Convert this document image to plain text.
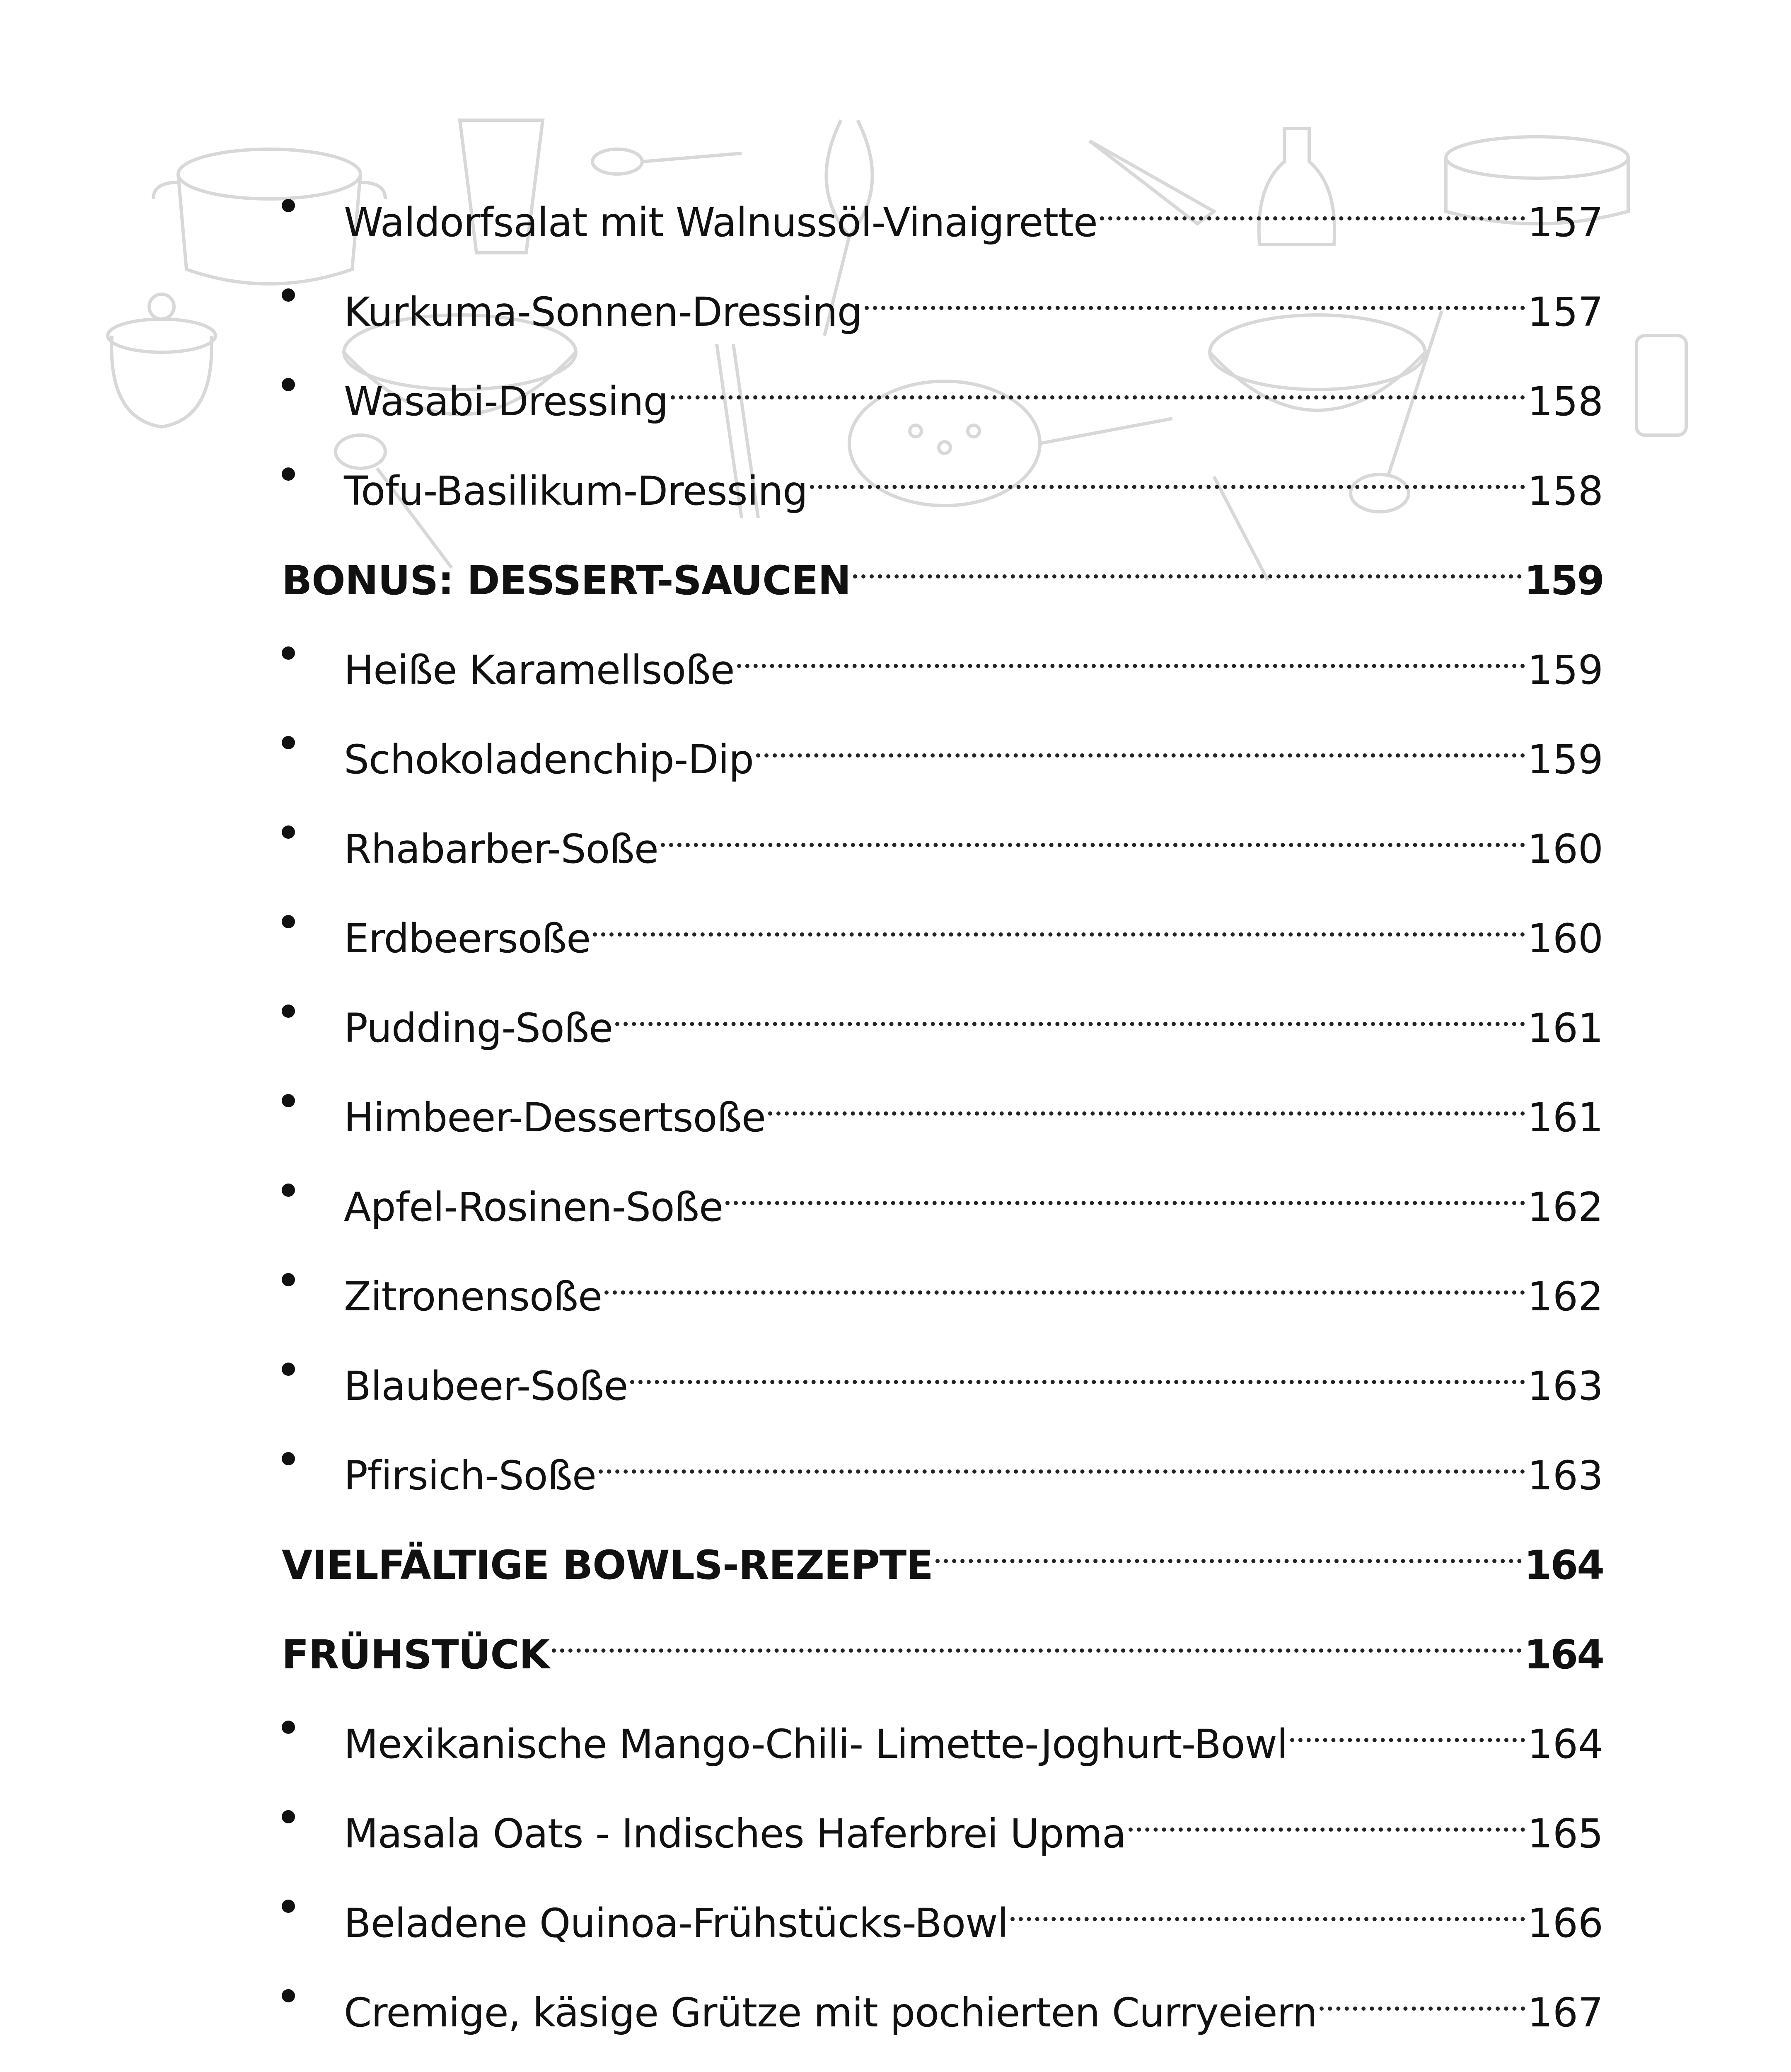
Waldorfsalat mit Walnussöl-Vinaigrette	157
Kurkuma-Sonnen-Dressing	157
Wasabi-Dressing	158
Tofu-Basilikum-Dressing	158
BONUS: DESSERT-SAUCEN	159
Heiße Karamellsoße	159
Schokoladenchip-Dip	159
Rhabarber-Soße	160
Erdbeersoße	160
Pudding-Soße	161
Himbeer-Dessertsoße	161
Apfel-Rosinen-Soße	162
Zitronensoße	162
Blaubeer-Soße	163
Pfirsich-Soße	163
VIELFÄLTIGE BOWLS-REZEPTE	164
FRÜHSTÜCK	164
Mexikanische Mango-Chili- Limette-Joghurt-Bowl	164
Masala Oats - Indisches Haferbrei Upma	165
Beladene Quinoa-Frühstücks-Bowl	166
Cremige, käsige Grütze mit pochierten Curryeiern	167
